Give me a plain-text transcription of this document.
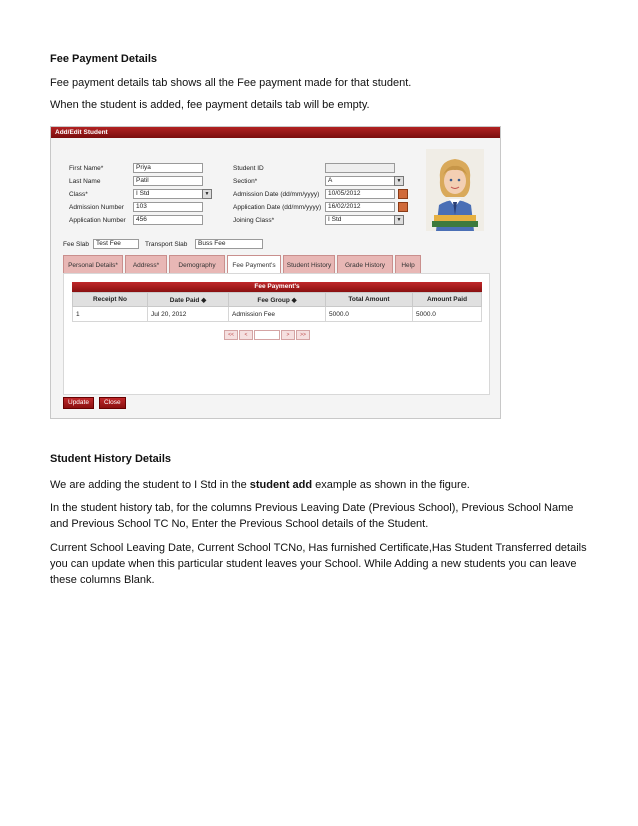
Fee Payment Details
Fee payment details tab shows all the Fee payment made for that student.
When the student is added, fee payment details tab will be empty.
Add/Edit Student
First Name*	Priya
Last Name	Patil
Class*	I Std	▼
Admission Number	103
Application Number	456
Student ID
Section*	A	▼
Admission Date (dd/mm/yyyy)	10/05/2012
Application Date (dd/mm/yyyy)	16/02/2012
Joining Class*	I Std	▼
Fee Slab	Test Fee	Transport Slab	Buss Fee
Personal Details*	Address*	Demography	Fee Payment's	Student History	Grade History	Help
Fee Payment's
Receipt No	Date Paid ◆	Fee Group ◆	Total Amount	Amount Paid
1	Jul 20, 2012	Admission Fee	5000.0	5000.0
<<	<	>	>>
Update	Close
Student History Details
We are adding the student to I Std in the student add example as shown in the figure.
In the student history tab, for the columns Previous Leaving Date (Previous School), Previous School Name and Previous School TC No, Enter the Previous School details of the Student.
Current School Leaving Date, Current School TCNo, Has furnished Certificate,Has Student Transferred details you can update when this particular student leaves your School. While Adding a new students you can leave these columns Blank.
